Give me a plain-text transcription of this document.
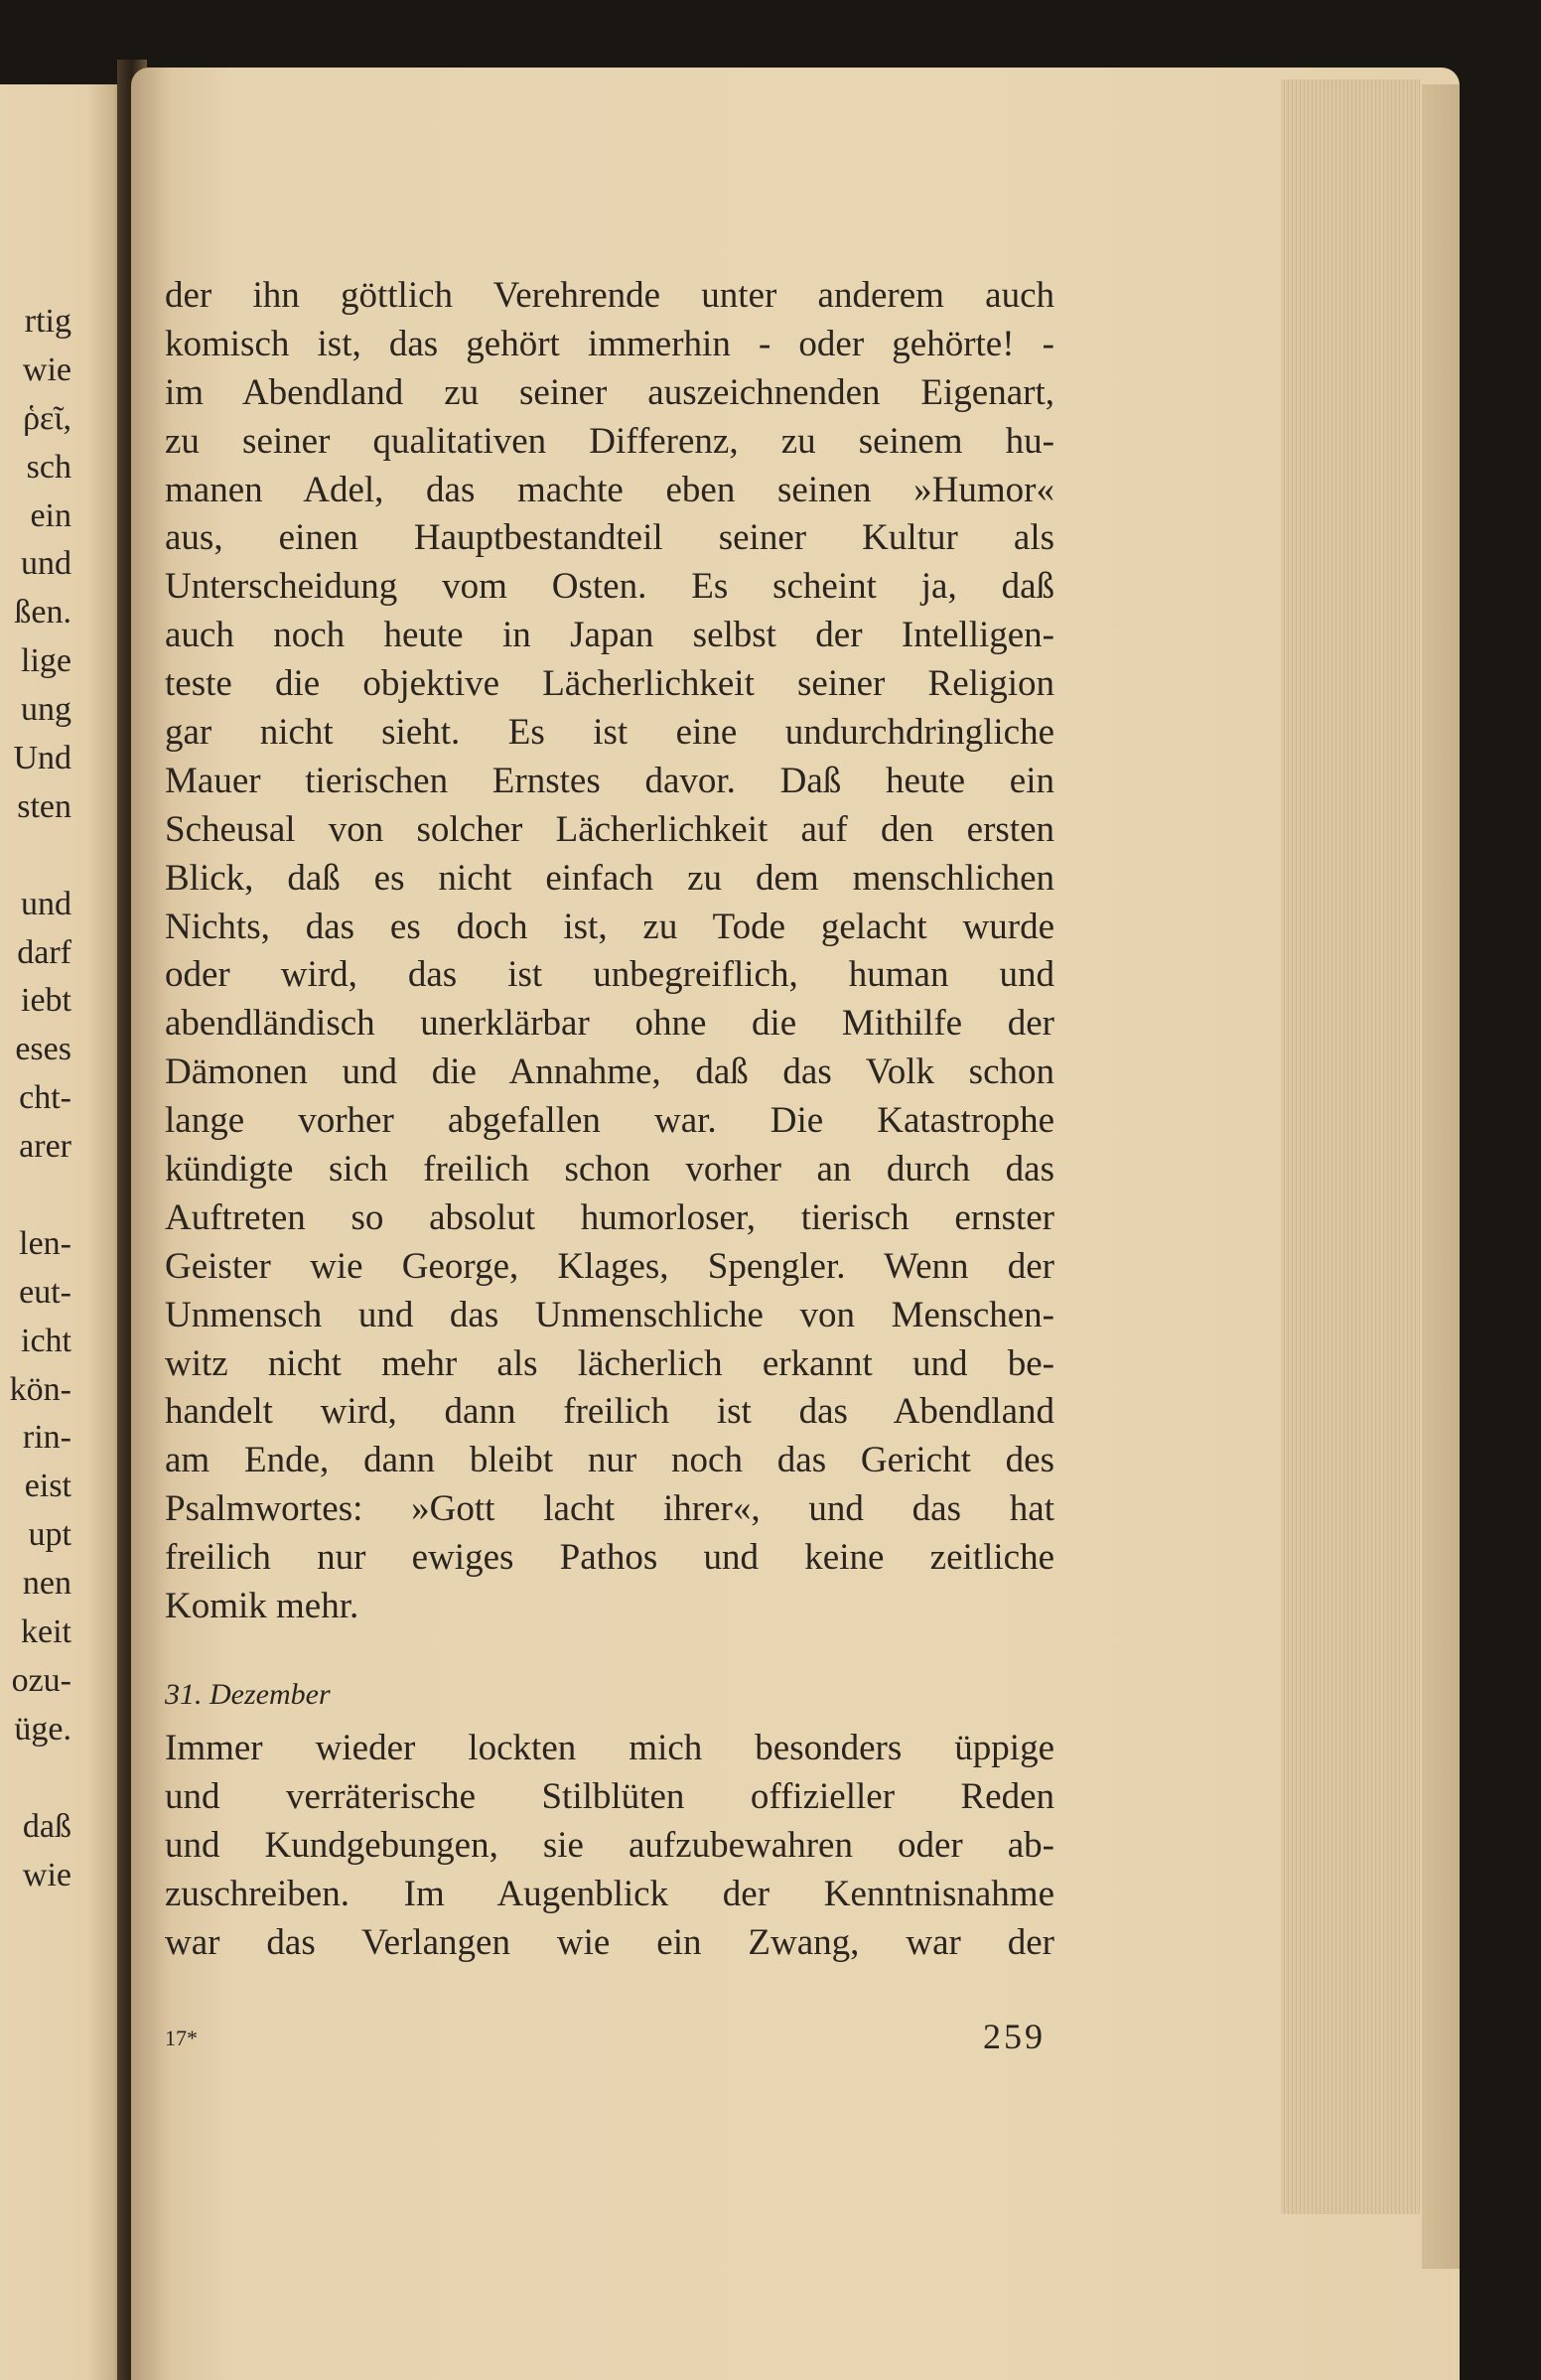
rtig
wie
ῥεῖ,
sch
ein
und
ßen.
lige
ung
Und
sten
und
darf
iebt
eses
cht-
arer
len-
eut-
icht
kön-
rin-
eist
upt
nen
keit
ozu-
üge.
daß
wie
der ihn göttlich Verehrende unter anderem auch
komisch ist, das gehört immerhin - oder gehörte! -
im Abendland zu seiner auszeichnenden Eigenart,
zu seiner qualitativen Differenz, zu seinem hu-
manen Adel, das machte eben seinen »Humor«
aus, einen Hauptbestandteil seiner Kultur als
Unterscheidung vom Osten. Es scheint ja, daß
auch noch heute in Japan selbst der Intelligen-
teste die objektive Lächerlichkeit seiner Religion
gar nicht sieht. Es ist eine undurchdringliche
Mauer tierischen Ernstes davor. Daß heute ein
Scheusal von solcher Lächerlichkeit auf den ersten
Blick, daß es nicht einfach zu dem menschlichen
Nichts, das es doch ist, zu Tode gelacht wurde
oder wird, das ist unbegreiflich, human und
abendländisch unerklärbar ohne die Mithilfe der
Dämonen und die Annahme, daß das Volk schon
lange vorher abgefallen war. Die Katastrophe
kündigte sich freilich schon vorher an durch das
Auftreten so absolut humorloser, tierisch ernster
Geister wie George, Klages, Spengler. Wenn der
Unmensch und das Unmenschliche von Menschen-
witz nicht mehr als lächerlich erkannt und be-
handelt wird, dann freilich ist das Abendland
am Ende, dann bleibt nur noch das Gericht des
Psalmwortes: »Gott lacht ihrer«, und das hat
freilich nur ewiges Pathos und keine zeitliche
Komik mehr.
31. Dezember
Immer wieder lockten mich besonders üppige
und verräterische Stilblüten offizieller Reden
und Kundgebungen, sie aufzubewahren oder ab-
zuschreiben. Im Augenblick der Kenntnisnahme
war das Verlangen wie ein Zwang, war der
17*	259
